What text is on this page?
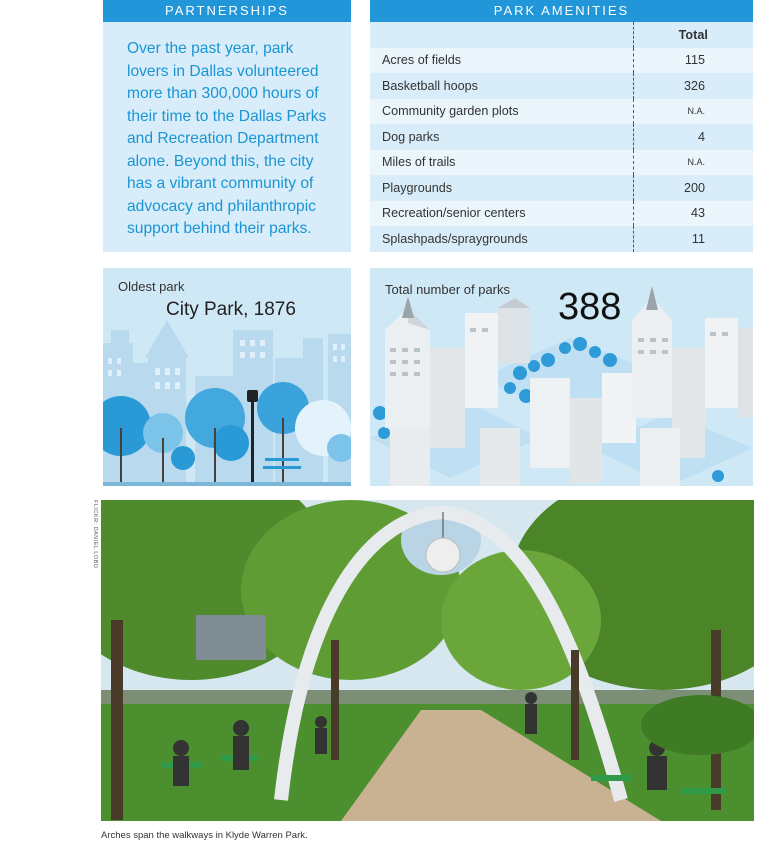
PARTNERSHIPS
Over the past year, park lovers in Dallas volunteered more than 300,000 hours of their time to the Dallas Parks and Recreation Department alone. Beyond this, the city has a vibrant community of advocacy and philanthropic support behind their parks.
PARK AMENITIES
	Total
Acres of fields	115
Basketball hoops	326
Community garden plots	N.A.
Dog parks	4
Miles of trails	N.A.
Playgrounds	200
Recreation/senior centers	43
Splashpads/spraygrounds	11
Oldest park
City Park, 1876
Total number of parks 388
FLICKR: DANIEL LOBO
Arches span the walkways in Klyde Warren Park.
